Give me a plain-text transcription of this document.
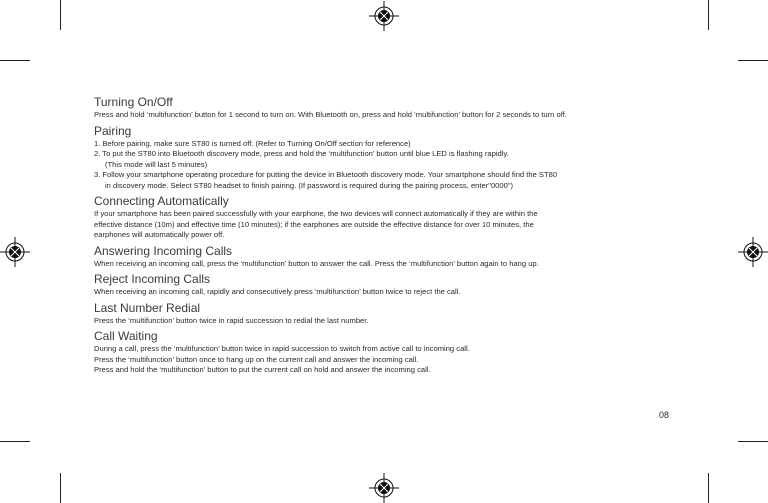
Turning On/Off
Press and hold ‘multifunction’ button for 1 second to turn on. With Bluetooth on, press and hold ‘multifunction’ button for 2 seconds to turn off.
Pairing
1. Before pairing, make sure ST80 is turned off. (Refer to Turning On/Off section for reference)
2. To put the ST80 into Bluetooth discovery mode, press and hold the ‘multifunction’ button until blue LED is flashing rapidly.
(This mode will last 5 minutes)
3. Follow your smartphone operating procedure for putting the device in Bluetooth discovery mode. Your smartphone should find the ST80
in discovery mode. Select ST80 headset to finish pairing. (If password is required during the pairing process, enter"0000")
Connecting Automatically
If your smartphone has been paired successfully with your earphone, the two devices will connect automatically if they are within the
effective distance (10m) and effective time (10 minutes); if the earphones are outside the effective distance for over 10 minutes, the
earphones will automatically power off.
Answering Incoming Calls
When receiving an incoming call, press the ‘multifunction’ button to answer the call. Press the ‘multifunction’ button again to hang up.
Reject Incoming Calls
When receiving an incoming call, rapidly and consecutively press ‘multifunction’ button twice to reject the call.
Last Number Redial
Press the ‘multifunction’ button twice in rapid succession to redial the last number.
Call Waiting
During a call, press the ‘multifunction’ button twice in rapid succession to switch from active call to incoming call.
Press the ‘multifunction’ button once to hang up on the current call and answer the incoming call.
Press and hold the ‘multifunction’ button to put the current call on hold and answer the incoming call.
08
